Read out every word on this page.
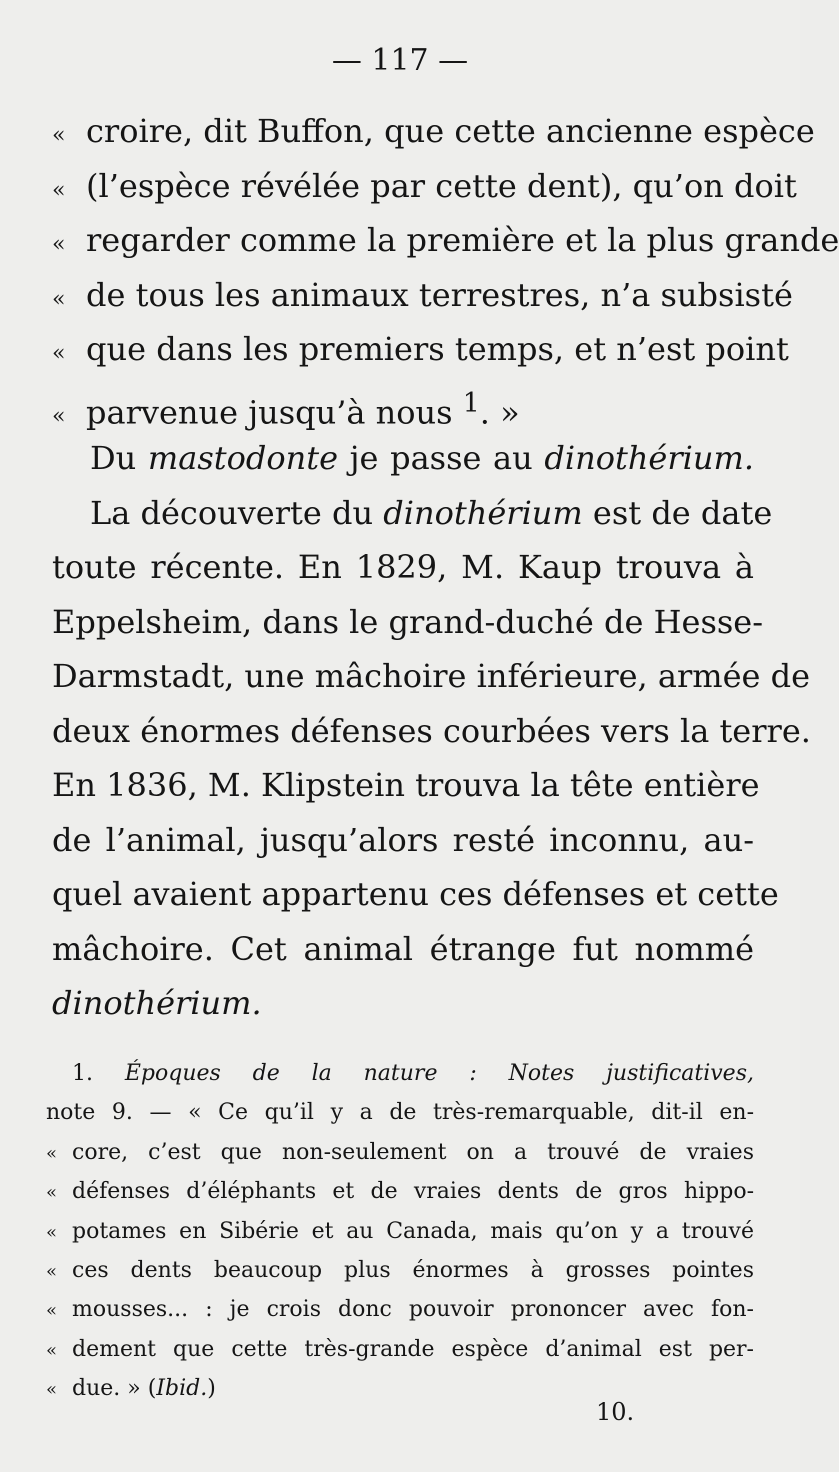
— 117 —
« croire, dit Buffon, que cette ancienne espèce
« (l’espèce révélée par cette dent), qu’on doit
« regarder comme la première et la plus grande
« de tous les animaux terrestres, n’a subsisté
« que dans les premiers temps, et n’est point
« parvenue jusqu’à nous $^1$. »
Du mastodonte je passe au dinothérium.
La découverte du dinothérium est de date
toute récente. En 1829, M. Kaup trouva à
Eppelsheim, dans le grand-duché de Hesse-
Darmstadt, une mâchoire inférieure, armée de
deux énormes défenses courbées vers la terre.
En 1836, M. Klipstein trouva la tête entière
de l’animal, jusqu’alors resté inconnu, au-
quel avaient appartenu ces défenses et cette
mâchoire. Cet animal étrange fut nommé
dinothérium.
1. Époques de la nature : Notes justificatives,
note 9. — « Ce qu’il y a de très-remarquable, dit-il en-
« core, c’est que non-seulement on a trouvé de vraies
« défenses d’éléphants et de vraies dents de gros hippo-
« potames en Sibérie et au Canada, mais qu’on y a trouvé
« ces dents beaucoup plus énormes à grosses pointes
« mousses... : je crois donc pouvoir prononcer avec fon-
« dement que cette très-grande espèce d’animal est per-
« due. » (Ibid.)
10.
